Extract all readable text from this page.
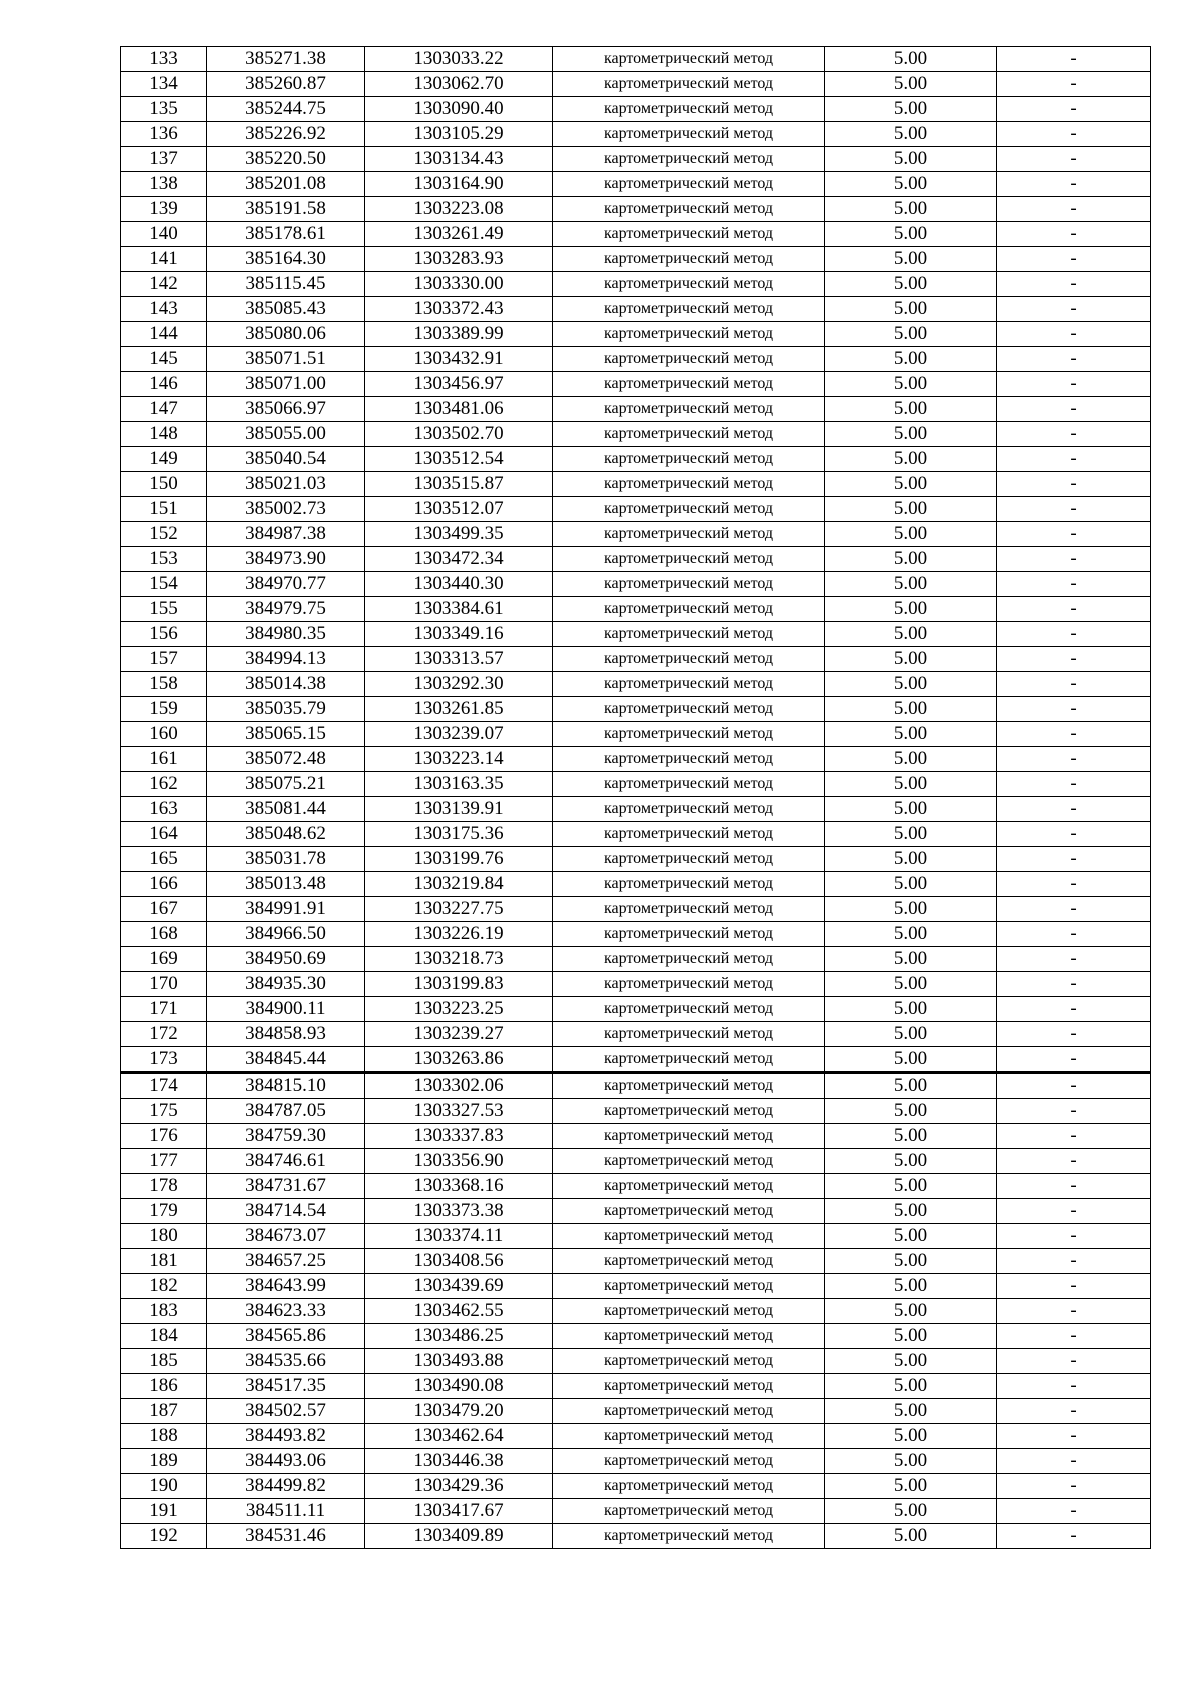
133	385271.38	1303033.22	картометрический метод	5.00	-
134	385260.87	1303062.70	картометрический метод	5.00	-
135	385244.75	1303090.40	картометрический метод	5.00	-
136	385226.92	1303105.29	картометрический метод	5.00	-
137	385220.50	1303134.43	картометрический метод	5.00	-
138	385201.08	1303164.90	картометрический метод	5.00	-
139	385191.58	1303223.08	картометрический метод	5.00	-
140	385178.61	1303261.49	картометрический метод	5.00	-
141	385164.30	1303283.93	картометрический метод	5.00	-
142	385115.45	1303330.00	картометрический метод	5.00	-
143	385085.43	1303372.43	картометрический метод	5.00	-
144	385080.06	1303389.99	картометрический метод	5.00	-
145	385071.51	1303432.91	картометрический метод	5.00	-
146	385071.00	1303456.97	картометрический метод	5.00	-
147	385066.97	1303481.06	картометрический метод	5.00	-
148	385055.00	1303502.70	картометрический метод	5.00	-
149	385040.54	1303512.54	картометрический метод	5.00	-
150	385021.03	1303515.87	картометрический метод	5.00	-
151	385002.73	1303512.07	картометрический метод	5.00	-
152	384987.38	1303499.35	картометрический метод	5.00	-
153	384973.90	1303472.34	картометрический метод	5.00	-
154	384970.77	1303440.30	картометрический метод	5.00	-
155	384979.75	1303384.61	картометрический метод	5.00	-
156	384980.35	1303349.16	картометрический метод	5.00	-
157	384994.13	1303313.57	картометрический метод	5.00	-
158	385014.38	1303292.30	картометрический метод	5.00	-
159	385035.79	1303261.85	картометрический метод	5.00	-
160	385065.15	1303239.07	картометрический метод	5.00	-
161	385072.48	1303223.14	картометрический метод	5.00	-
162	385075.21	1303163.35	картометрический метод	5.00	-
163	385081.44	1303139.91	картометрический метод	5.00	-
164	385048.62	1303175.36	картометрический метод	5.00	-
165	385031.78	1303199.76	картометрический метод	5.00	-
166	385013.48	1303219.84	картометрический метод	5.00	-
167	384991.91	1303227.75	картометрический метод	5.00	-
168	384966.50	1303226.19	картометрический метод	5.00	-
169	384950.69	1303218.73	картометрический метод	5.00	-
170	384935.30	1303199.83	картометрический метод	5.00	-
171	384900.11	1303223.25	картометрический метод	5.00	-
172	384858.93	1303239.27	картометрический метод	5.00	-
173	384845.44	1303263.86	картометрический метод	5.00	-
174	384815.10	1303302.06	картометрический метод	5.00	-
175	384787.05	1303327.53	картометрический метод	5.00	-
176	384759.30	1303337.83	картометрический метод	5.00	-
177	384746.61	1303356.90	картометрический метод	5.00	-
178	384731.67	1303368.16	картометрический метод	5.00	-
179	384714.54	1303373.38	картометрический метод	5.00	-
180	384673.07	1303374.11	картометрический метод	5.00	-
181	384657.25	1303408.56	картометрический метод	5.00	-
182	384643.99	1303439.69	картометрический метод	5.00	-
183	384623.33	1303462.55	картометрический метод	5.00	-
184	384565.86	1303486.25	картометрический метод	5.00	-
185	384535.66	1303493.88	картометрический метод	5.00	-
186	384517.35	1303490.08	картометрический метод	5.00	-
187	384502.57	1303479.20	картометрический метод	5.00	-
188	384493.82	1303462.64	картометрический метод	5.00	-
189	384493.06	1303446.38	картометрический метод	5.00	-
190	384499.82	1303429.36	картометрический метод	5.00	-
191	384511.11	1303417.67	картометрический метод	5.00	-
192	384531.46	1303409.89	картометрический метод	5.00	-
